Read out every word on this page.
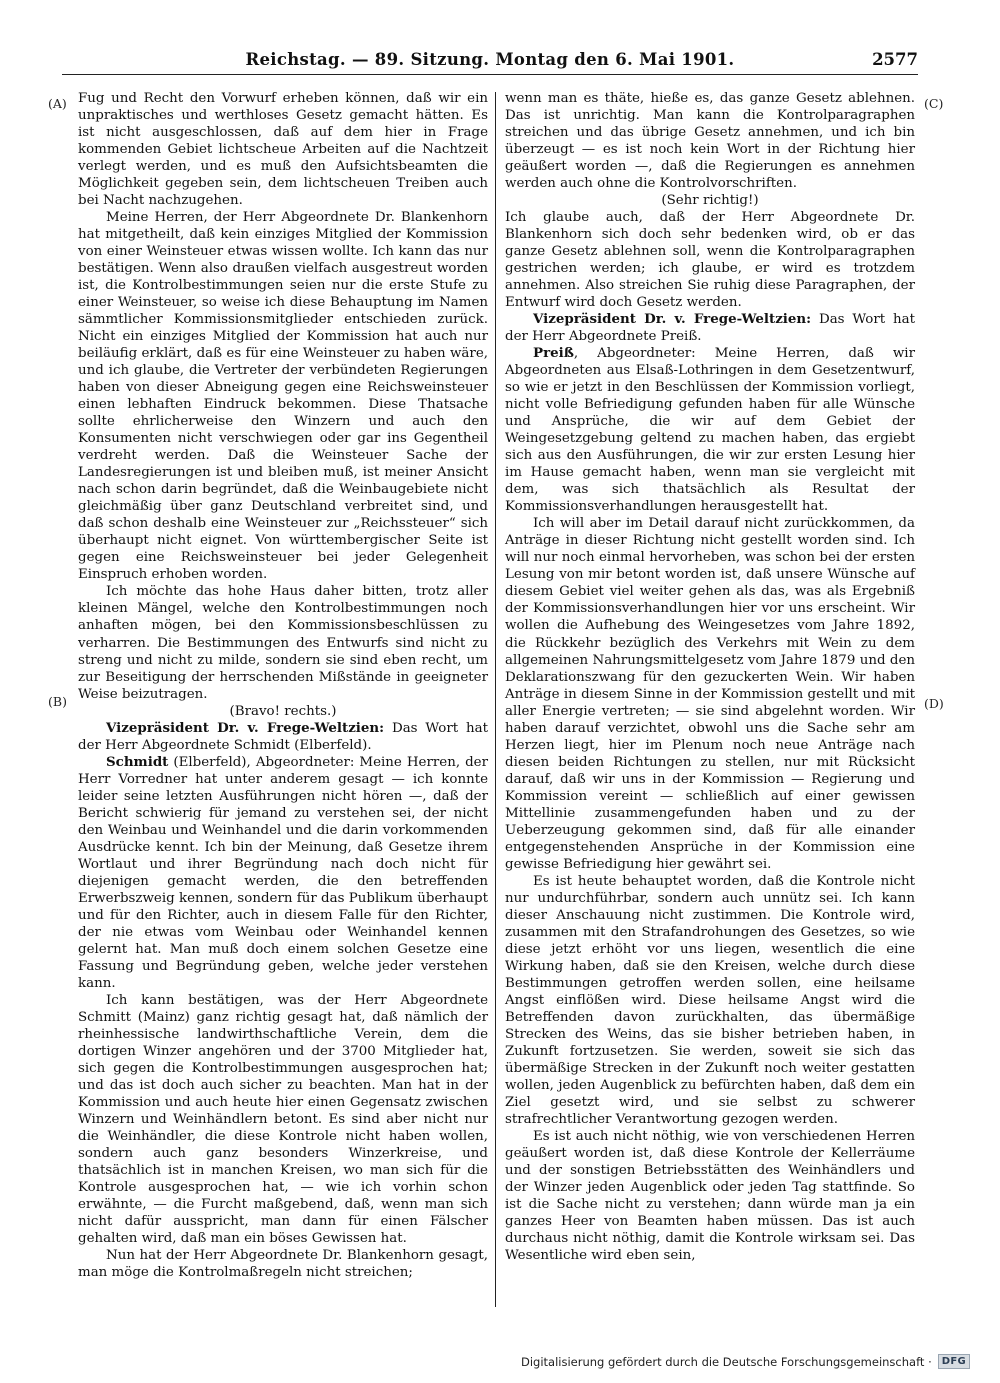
Reichstag. — 89. Sitzung. Montag den 6. Mai 1901.	2577

Fug und Recht den Vorwurf erheben können, daß wir ein unpraktisches und werthloses Gesetz gemacht hätten. Es ist nicht ausgeschlossen, daß auf dem hier in Frage kommenden Gebiet lichtscheue Arbeiten auf die Nachtzeit verlegt werden, und es muß den Aufsichtsbeamten die Möglichkeit gegeben sein, dem lichtscheuen Treiben auch bei Nacht nachzugehen.

Meine Herren, der Herr Abgeordnete Dr. Blankenhorn hat mitgetheilt, daß kein einziges Mitglied der Kommission von einer Weinsteuer etwas wissen wollte. Ich kann das nur bestätigen. Wenn also draußen vielfach ausgestreut worden ist, die Kontrolbestimmungen seien nur die erste Stufe zu einer Weinsteuer, so weise ich diese Behauptung im Namen sämmtlicher Kommissionsmitglieder entschieden zurück. Nicht ein einziges Mitglied der Kommission hat auch nur beiläufig erklärt, daß es für eine Weinsteuer zu haben wäre, und ich glaube, die Vertreter der verbündeten Regierungen haben von dieser Abneigung gegen eine Reichsweinsteuer einen lebhaften Eindruck bekommen. Diese Thatsache sollte ehrlicherweise den Winzern und auch den Konsumenten nicht verschwiegen oder gar ins Gegentheil verdreht werden. Daß die Weinsteuer Sache der Landesregierungen ist und bleiben muß, ist meiner Ansicht nach schon darin begründet, daß die Weinbaugebiete nicht gleichmäßig über ganz Deutschland verbreitet sind, und daß schon deshalb eine Weinsteuer zur „Reichssteuer“ sich überhaupt nicht eignet. Von württembergischer Seite ist gegen eine Reichsweinsteuer bei jeder Gelegenheit Einspruch erhoben worden.

Ich möchte das hohe Haus daher bitten, trotz aller kleinen Mängel, welche den Kontrolbestimmungen noch anhaften mögen, bei den Kommissionsbeschlüssen zu verharren. Die Bestimmungen des Entwurfs sind nicht zu streng und nicht zu milde, sondern sie sind eben recht, um zur Beseitigung der herrschenden Mißstände in geeigneter Weise beizutragen.

(Bravo! rechts.)

Vizepräsident Dr. v. Frege-Weltzien: Das Wort hat der Herr Abgeordnete Schmidt (Elberfeld).

Schmidt (Elberfeld), Abgeordneter: Meine Herren, der Herr Vorredner hat unter anderem gesagt — ich konnte leider seine letzten Ausführungen nicht hören —, daß der Bericht schwierig für jemand zu verstehen sei, der nicht den Weinbau und Weinhandel und die darin vorkommenden Ausdrücke kennt. Ich bin der Meinung, daß Gesetze ihrem Wortlaut und ihrer Begründung nach doch nicht für diejenigen gemacht werden, die den betreffenden Erwerbszweig kennen, sondern für das Publikum überhaupt und für den Richter, auch in diesem Falle für den Richter, der nie etwas vom Weinbau oder Weinhandel kennen gelernt hat. Man muß doch einem solchen Gesetze eine Fassung und Begründung geben, welche jeder verstehen kann.

Ich kann bestätigen, was der Herr Abgeordnete Schmitt (Mainz) ganz richtig gesagt hat, daß nämlich der rheinhessische landwirthschaftliche Verein, dem die dortigen Winzer angehören und der 3700 Mitglieder hat, sich gegen die Kontrolbestimmungen ausgesprochen hat; und das ist doch auch sicher zu beachten. Man hat in der Kommission und auch heute hier einen Gegensatz zwischen Winzern und Weinhändlern betont. Es sind aber nicht nur die Weinhändler, die diese Kontrole nicht haben wollen, sondern auch ganz besonders Winzerkreise, und thatsächlich ist in manchen Kreisen, wo man sich für die Kontrole ausgesprochen hat, — wie ich vorhin schon erwähnte, — die Furcht maßgebend, daß, wenn man sich nicht dafür ausspricht, man dann für einen Fälscher gehalten wird, daß man ein böses Gewissen hat.

Nun hat der Herr Abgeordnete Dr. Blankenhorn gesagt, man möge die Kontrolmaßregeln nicht streichen;

wenn man es thäte, hieße es, das ganze Gesetz ablehnen. Das ist unrichtig. Man kann die Kontrolparagraphen streichen und das übrige Gesetz annehmen, und ich bin überzeugt — es ist noch kein Wort in der Richtung hier geäußert worden —, daß die Regierungen es annehmen werden auch ohne die Kontrolvorschriften.

(Sehr richtig!)

Ich glaube auch, daß der Herr Abgeordnete Dr. Blankenhorn sich doch sehr bedenken wird, ob er das ganze Gesetz ablehnen soll, wenn die Kontrolparagraphen gestrichen werden; ich glaube, er wird es trotzdem annehmen. Also streichen Sie ruhig diese Paragraphen, der Entwurf wird doch Gesetz werden.

Vizepräsident Dr. v. Frege-Weltzien: Das Wort hat der Herr Abgeordnete Preiß.

Preiß, Abgeordneter: Meine Herren, daß wir Abgeordneten aus Elsaß-Lothringen in dem Gesetzentwurf, so wie er jetzt in den Beschlüssen der Kommission vorliegt, nicht volle Befriedigung gefunden haben für alle Wünsche und Ansprüche, die wir auf dem Gebiet der Weingesetzgebung geltend zu machen haben, das ergiebt sich aus den Ausführungen, die wir zur ersten Lesung hier im Hause gemacht haben, wenn man sie vergleicht mit dem, was sich thatsächlich als Resultat der Kommissionsverhandlungen herausgestellt hat.

Ich will aber im Detail darauf nicht zurückkommen, da Anträge in dieser Richtung nicht gestellt worden sind. Ich will nur noch einmal hervorheben, was schon bei der ersten Lesung von mir betont worden ist, daß unsere Wünsche auf diesem Gebiet viel weiter gehen als das, was als Ergebniß der Kommissionsverhandlungen hier vor uns erscheint. Wir wollen die Aufhebung des Weingesetzes vom Jahre 1892, die Rückkehr bezüglich des Verkehrs mit Wein zu dem allgemeinen Nahrungsmittelgesetz vom Jahre 1879 und den Deklarationszwang für den gezuckerten Wein. Wir haben Anträge in diesem Sinne in der Kommission gestellt und mit aller Energie vertreten; — sie sind abgelehnt worden. Wir haben darauf verzichtet, obwohl uns die Sache sehr am Herzen liegt, hier im Plenum noch neue Anträge nach diesen beiden Richtungen zu stellen, nur mit Rücksicht darauf, daß wir uns in der Kommission — Regierung und Kommission vereint — schließlich auf einer gewissen Mittellinie zusammengefunden haben und zu der Ueberzeugung gekommen sind, daß für alle einander entgegenstehenden Ansprüche in der Kommission eine gewisse Befriedigung hier gewährt sei.

Es ist heute behauptet worden, daß die Kontrole nicht nur undurchführbar, sondern auch unnütz sei. Ich kann dieser Anschauung nicht zustimmen. Die Kontrole wird, zusammen mit den Strafandrohungen des Gesetzes, so wie diese jetzt erhöht vor uns liegen, wesentlich die eine Wirkung haben, daß sie den Kreisen, welche durch diese Bestimmungen getroffen werden sollen, eine heilsame Angst einflößen wird. Diese heilsame Angst wird die Betreffenden davon zurückhalten, das übermäßige Strecken des Weins, das sie bisher betrieben haben, in Zukunft fortzusetzen. Sie werden, soweit sie sich das übermäßige Strecken in der Zukunft noch weiter gestatten wollen, jeden Augenblick zu befürchten haben, daß dem ein Ziel gesetzt wird, und sie selbst zu schwerer strafrechtlicher Verantwortung gezogen werden.

Es ist auch nicht nöthig, wie von verschiedenen Herren geäußert worden ist, daß diese Kontrole der Kellerräume und der sonstigen Betriebsstätten des Weinhändlers und der Winzer jeden Augenblick oder jeden Tag stattfinde. So ist die Sache nicht zu verstehen; dann würde man ja ein ganzes Heer von Beamten haben müssen. Das ist auch durchaus nicht nöthig, damit die Kontrole wirksam sei. Das Wesentliche wird eben sein,

(A)
(B)
(C)
(D)
Digitalisierung gefördert durch die Deutsche Forschungsgemeinschaft ·	DFG
